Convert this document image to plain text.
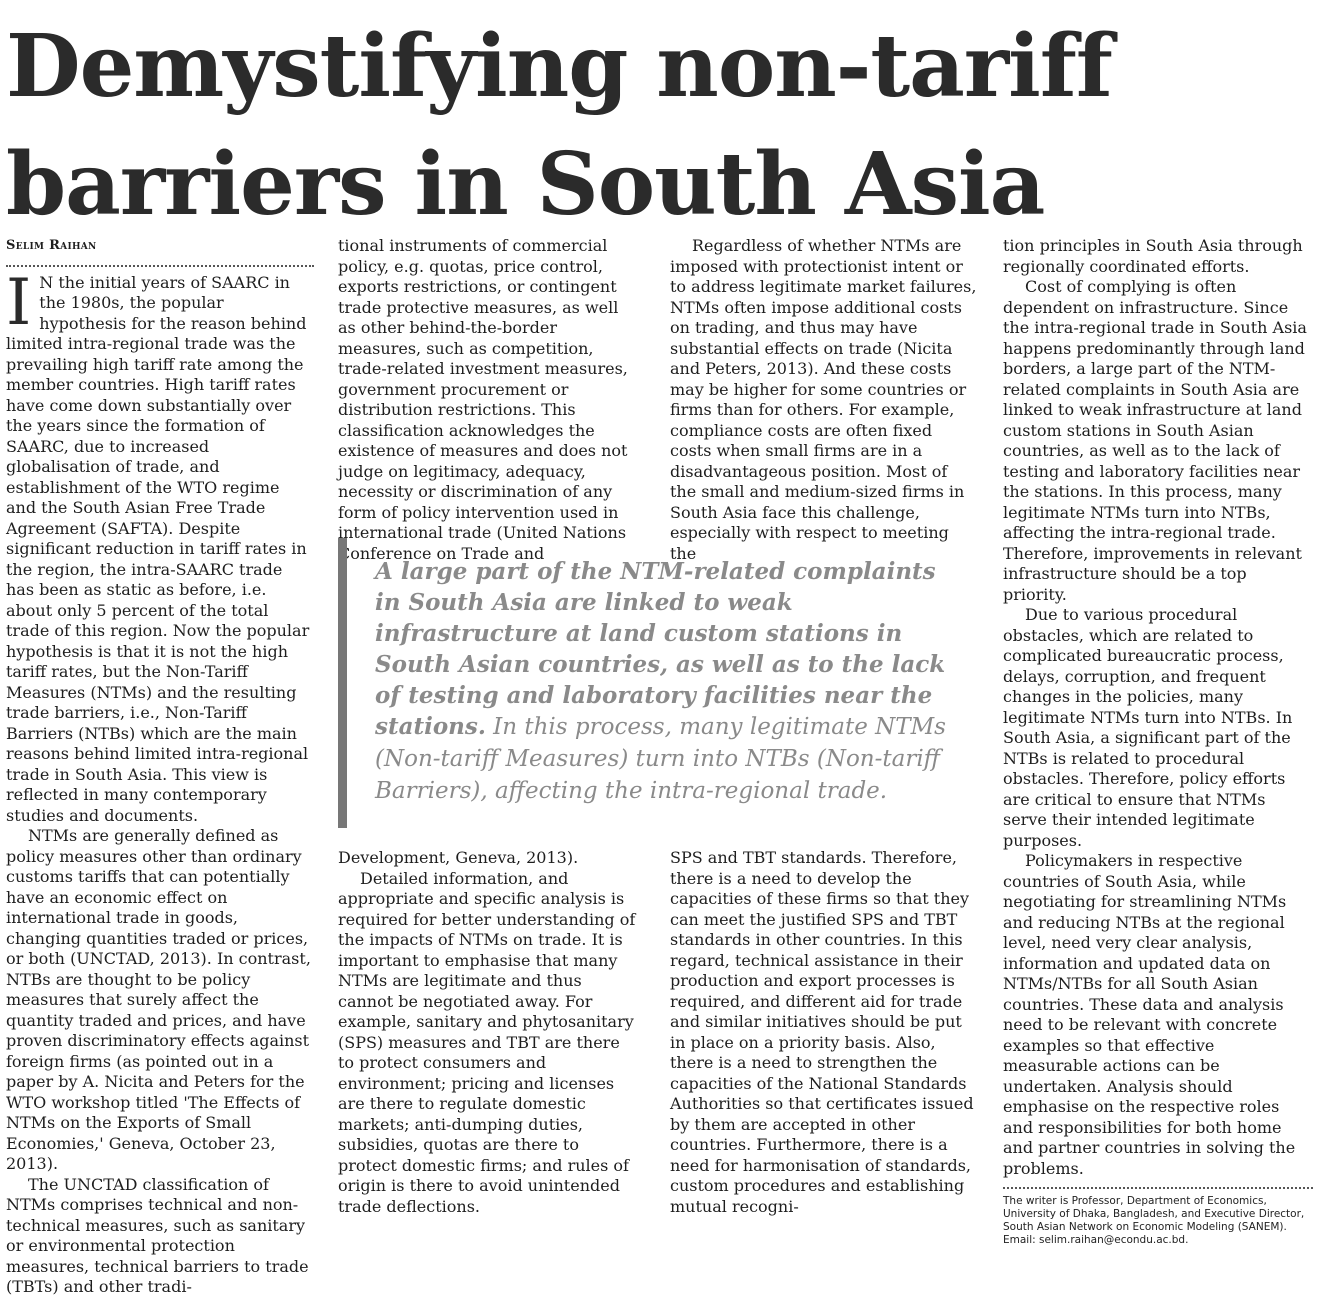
Demystifying non-tariff
barriers in South Asia
Selim Raihan

I N the initial years of SAARC in the 1980s, the popular hypothesis for the reason behind limited intra-regional trade was the prevailing high tariff rate among the member countries. High tariff rates have come down substantially over the years since the formation of SAARC, due to increased globalisation of trade, and establishment of the WTO regime and the South Asian Free Trade Agreement (SAFTA). Despite significant reduction in tariff rates in the region, the intra-SAARC trade has been as static as before, i.e. about only 5 percent of the total trade of this region. Now the popular hypothesis is that it is not the high tariff rates, but the Non-Tariff Measures (NTMs) and the resulting trade barriers, i.e., Non-Tariff Barriers (NTBs) which are the main reasons behind limited intra-regional trade in South Asia. This view is reflected in many contemporary studies and documents.

NTMs are generally defined as policy measures other than ordinary customs tariffs that can potentially have an economic effect on international trade in goods, changing quantities traded or prices, or both (UNCTAD, 2013). In contrast, NTBs are thought to be policy measures that surely affect the quantity traded and prices, and have proven discriminatory effects against foreign firms (as pointed out in a paper by A. Nicita and Peters for the WTO workshop titled 'The Effects of NTMs on the Exports of Small Economies,' Geneva, October 23, 2013).

The UNCTAD classification of NTMs comprises technical and non-technical measures, such as sanitary or environmental protection measures, technical barriers to trade (TBTs) and other tradi-

tional instruments of commercial policy, e.g. quotas, price control, exports restrictions, or contingent trade protective measures, as well as other behind-the-border measures, such as competition, trade-related investment measures, government procurement or distribution restrictions. This classification acknowledges the existence of measures and does not judge on legitimacy, adequacy, necessity or discrimination of any form of policy intervention used in international trade (United Nations Conference on Trade and

Regardless of whether NTMs are imposed with protectionist intent or to address legitimate market failures, NTMs often impose additional costs on trading, and thus may have substantial effects on trade (Nicita and Peters, 2013). And these costs may be higher for some countries or firms than for others. For example, compliance costs are often fixed costs when small firms are in a disadvantageous position. Most of the small and medium-sized firms in South Asia face this challenge, especially with respect to meeting the

A large part of the NTM-related complaints in South Asia are linked to weak infrastructure at land custom stations in South Asian countries, as well as to the lack of testing and laboratory facilities near the stations. In this process, many legitimate NTMs (Non-tariff Measures) turn into NTBs (Non-tariff Barriers), affecting the intra-regional trade.

Development, Geneva, 2013).

Detailed information, and appropriate and specific analysis is required for better understanding of the impacts of NTMs on trade. It is important to emphasise that many NTMs are legitimate and thus cannot be negotiated away. For example, sanitary and phytosanitary (SPS) measures and TBT are there to protect consumers and environment; pricing and licenses are there to regulate domestic markets; anti-dumping duties, subsidies, quotas are there to protect domestic firms; and rules of origin is there to avoid unintended trade deflections.

SPS and TBT standards. Therefore, there is a need to develop the capacities of these firms so that they can meet the justified SPS and TBT standards in other countries. In this regard, technical assistance in their production and export processes is required, and different aid for trade and similar initiatives should be put in place on a priority basis. Also, there is a need to strengthen the capacities of the National Standards Authorities so that certificates issued by them are accepted in other countries. Furthermore, there is a need for harmonisation of standards, custom procedures and establishing mutual recogni-

tion principles in South Asia through regionally coordinated efforts.

Cost of complying is often dependent on infrastructure. Since the intra-regional trade in South Asia happens predominantly through land borders, a large part of the NTM-related complaints in South Asia are linked to weak infrastructure at land custom stations in South Asian countries, as well as to the lack of testing and laboratory facilities near the stations. In this process, many legitimate NTMs turn into NTBs, affecting the intra-regional trade. Therefore, improvements in relevant infrastructure should be a top priority.

Due to various procedural obstacles, which are related to complicated bureaucratic process, delays, corruption, and frequent changes in the policies, many legitimate NTMs turn into NTBs. In South Asia, a significant part of the NTBs is related to procedural obstacles. Therefore, policy efforts are critical to ensure that NTMs serve their intended legitimate purposes.

Policymakers in respective countries of South Asia, while negotiating for streamlining NTMs and reducing NTBs at the regional level, need very clear analysis, information and updated data on NTMs/NTBs for all South Asian countries. These data and analysis need to be relevant with concrete examples so that effective measurable actions can be undertaken. Analysis should emphasise on the respective roles and responsibilities for both home and partner countries in solving the problems.

The writer is Professor, Department of Economics, University of Dhaka, Bangladesh, and Executive Director, South Asian Network on Economic Modeling (SANEM).
Email: selim.raihan@econdu.ac.bd.
